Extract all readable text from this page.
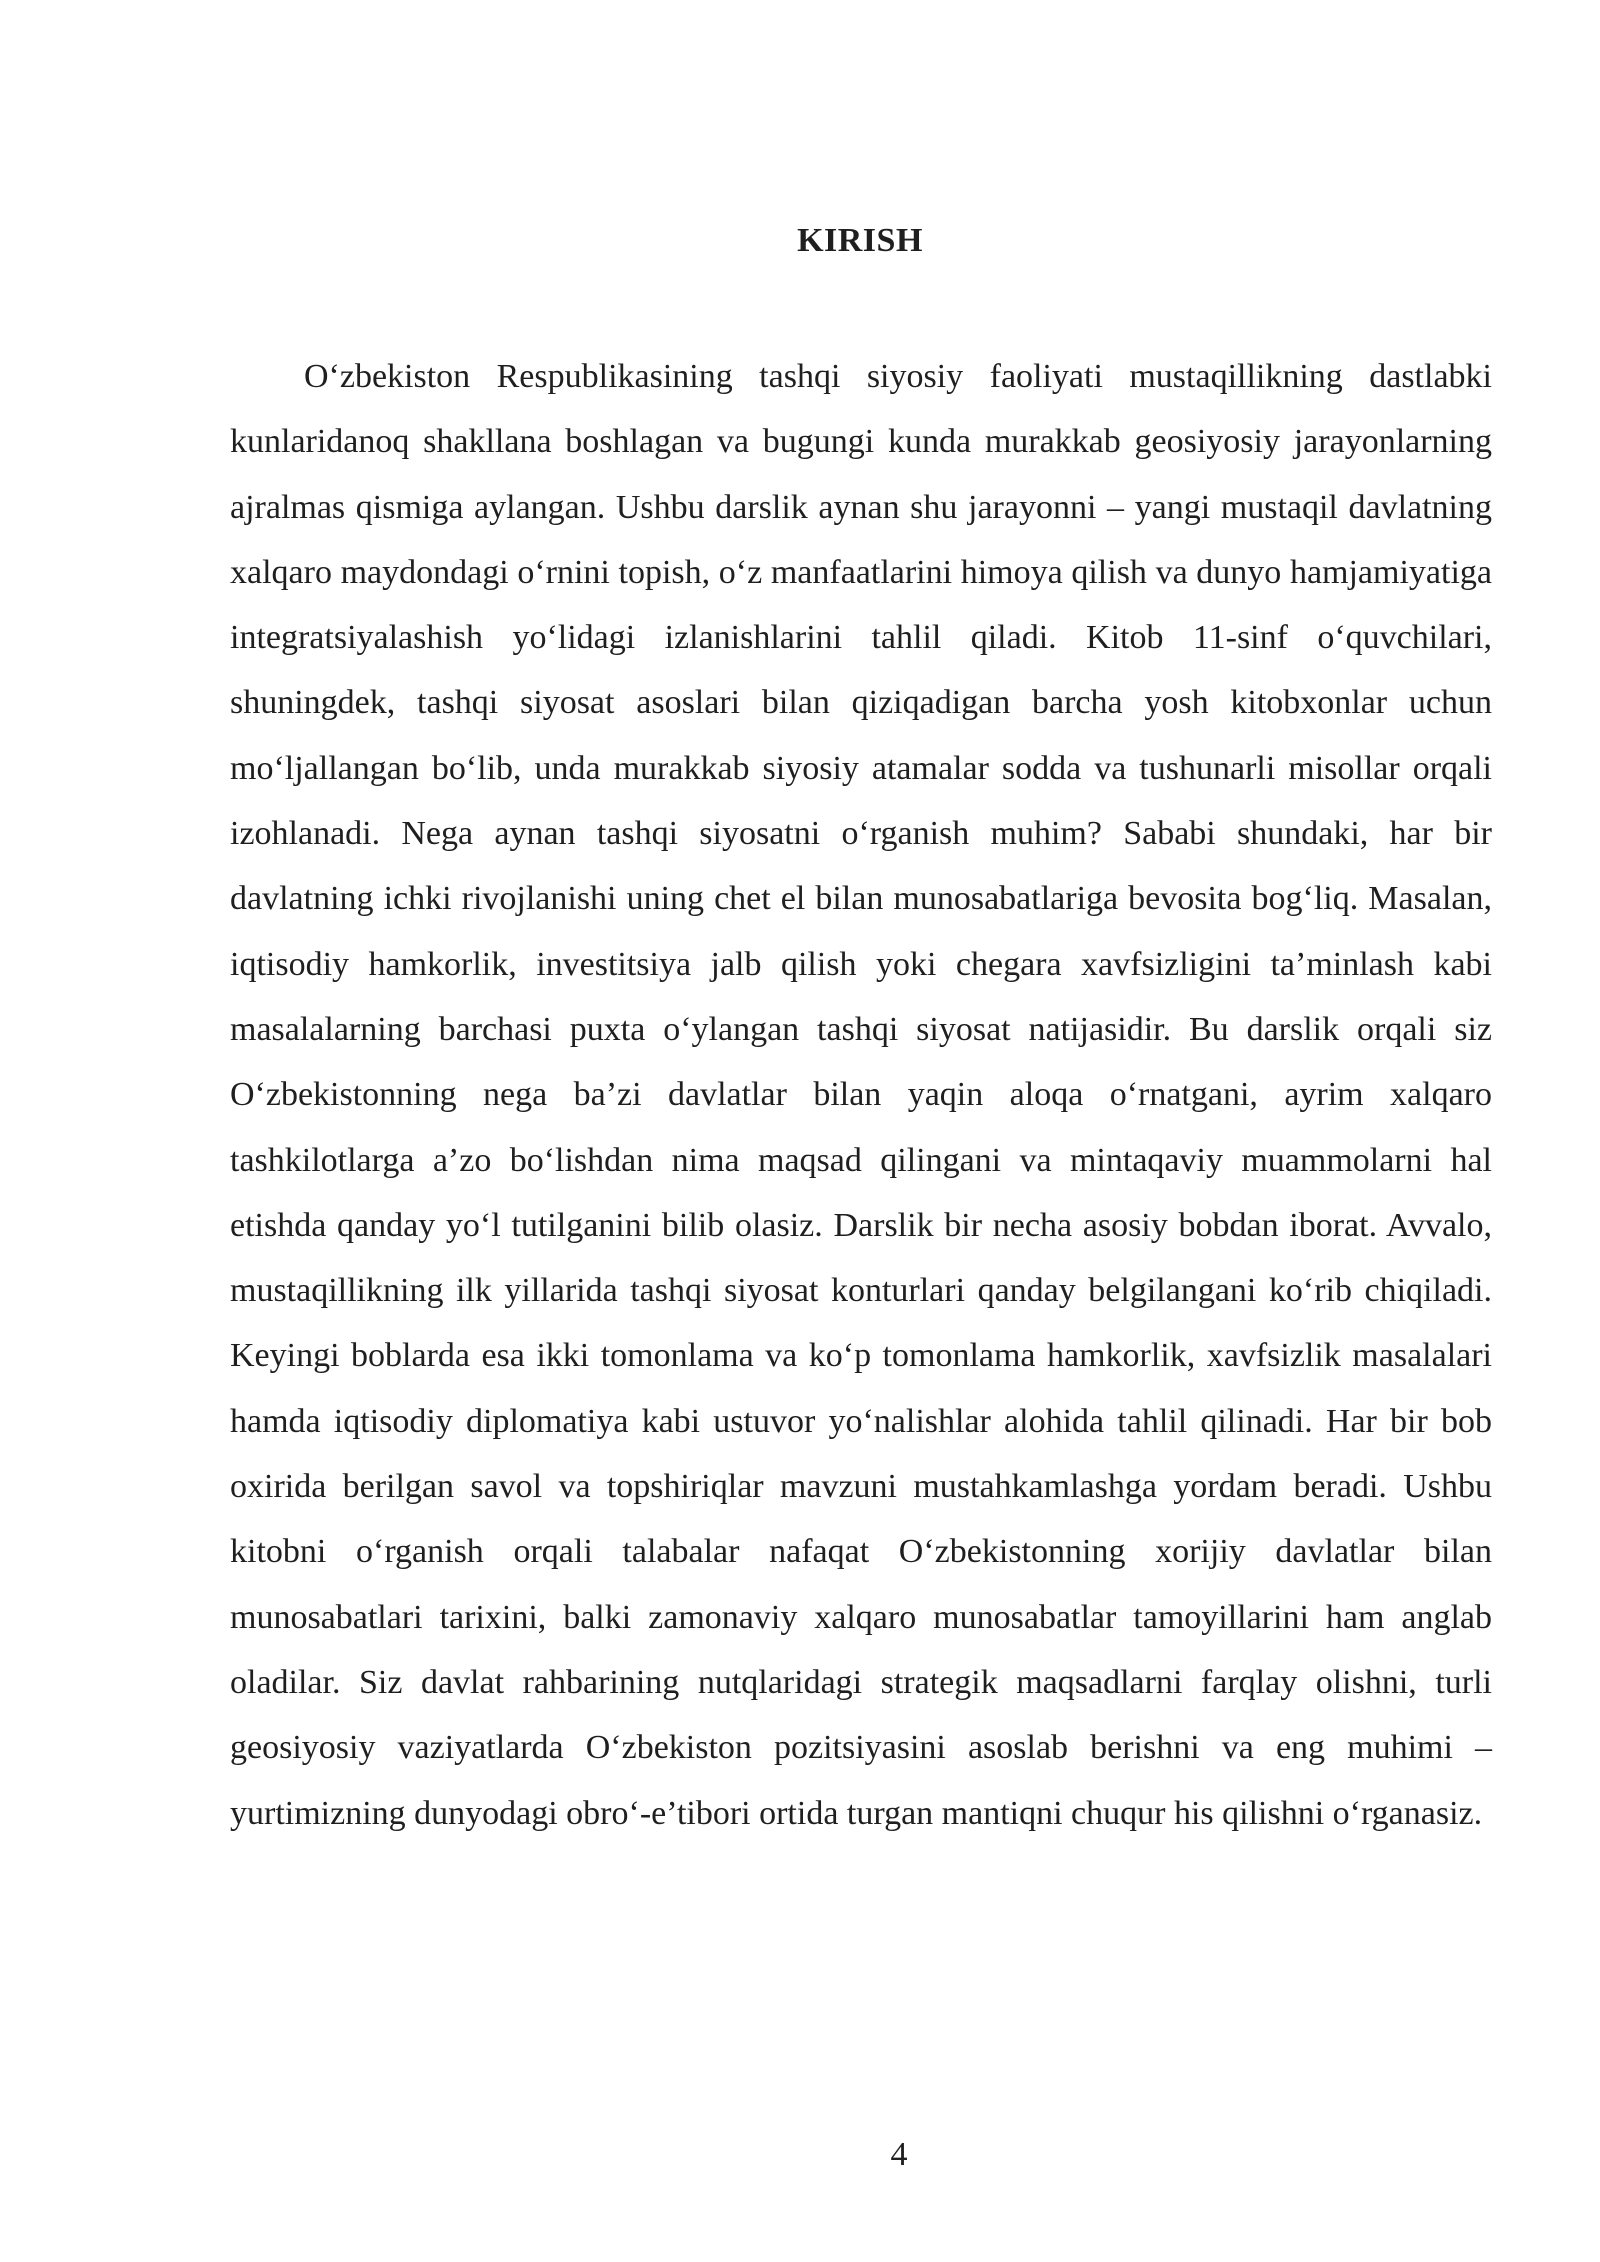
KIRISH

O‘zbekiston Respublikasining tashqi siyosiy faoliyati mustaqillikning dastlabki kunlaridanoq shakllana boshlagan va bugungi kunda murakkab geosiyosiy jarayonlarning ajralmas qismiga aylangan. Ushbu darslik aynan shu jarayonni – yangi mustaqil davlatning xalqaro maydondagi o‘rnini topish, o‘z manfaatlarini himoya qilish va dunyo hamjamiyatiga integratsiyalashish yo‘lidagi izlanishlarini tahlil qiladi. Kitob 11-sinf o‘quvchilari, shuningdek, tashqi siyosat asoslari bilan qiziqadigan barcha yosh kitobxonlar uchun mo‘ljallangan bo‘lib, unda murakkab siyosiy atamalar sodda va tushunarli misollar orqali izohlanadi. Nega aynan tashqi siyosatni o‘rganish muhim? Sababi shundaki, har bir davlatning ichki rivojlanishi uning chet el bilan munosabatlariga bevosita bog‘liq. Masalan, iqtisodiy hamkorlik, investitsiya jalb qilish yoki chegara xavfsizligini ta’minlash kabi masalalarning barchasi puxta o‘ylangan tashqi siyosat natijasidir. Bu darslik orqali siz O‘zbekistonning nega ba’zi davlatlar bilan yaqin aloqa o‘rnatgani, ayrim xalqaro tashkilotlarga a’zo bo‘lishdan nima maqsad qilingani va mintaqaviy muammolarni hal etishda qanday yo‘l tutilganini bilib olasiz. Darslik bir necha asosiy bobdan iborat. Avvalo, mustaqillikning ilk yillarida tashqi siyosat konturlari qanday belgilangani ko‘rib chiqiladi. Keyingi boblarda esa ikki tomonlama va ko‘p tomonlama hamkorlik, xavfsizlik masalalari hamda iqtisodiy diplomatiya kabi ustuvor yo‘nalishlar alohida tahlil qilinadi. Har bir bob oxirida berilgan savol va topshiriqlar mavzuni mustahkamlashga yordam beradi. Ushbu kitobni o‘rganish orqali talabalar nafaqat O‘zbekistonning xorijiy davlatlar bilan munosabatlari tarixini, balki zamonaviy xalqaro munosabatlar tamoyillarini ham anglab oladilar. Siz davlat rahbarining nutqlaridagi strategik maqsadlarni farqlay olishni, turli geosiyosiy vaziyatlarda O‘zbekiston pozitsiyasini asoslab berishni va eng muhimi – yurtimizning dunyodagi obro‘-e’tibori ortida turgan mantiqni chuqur his qilishni o‘rganasiz.

4
